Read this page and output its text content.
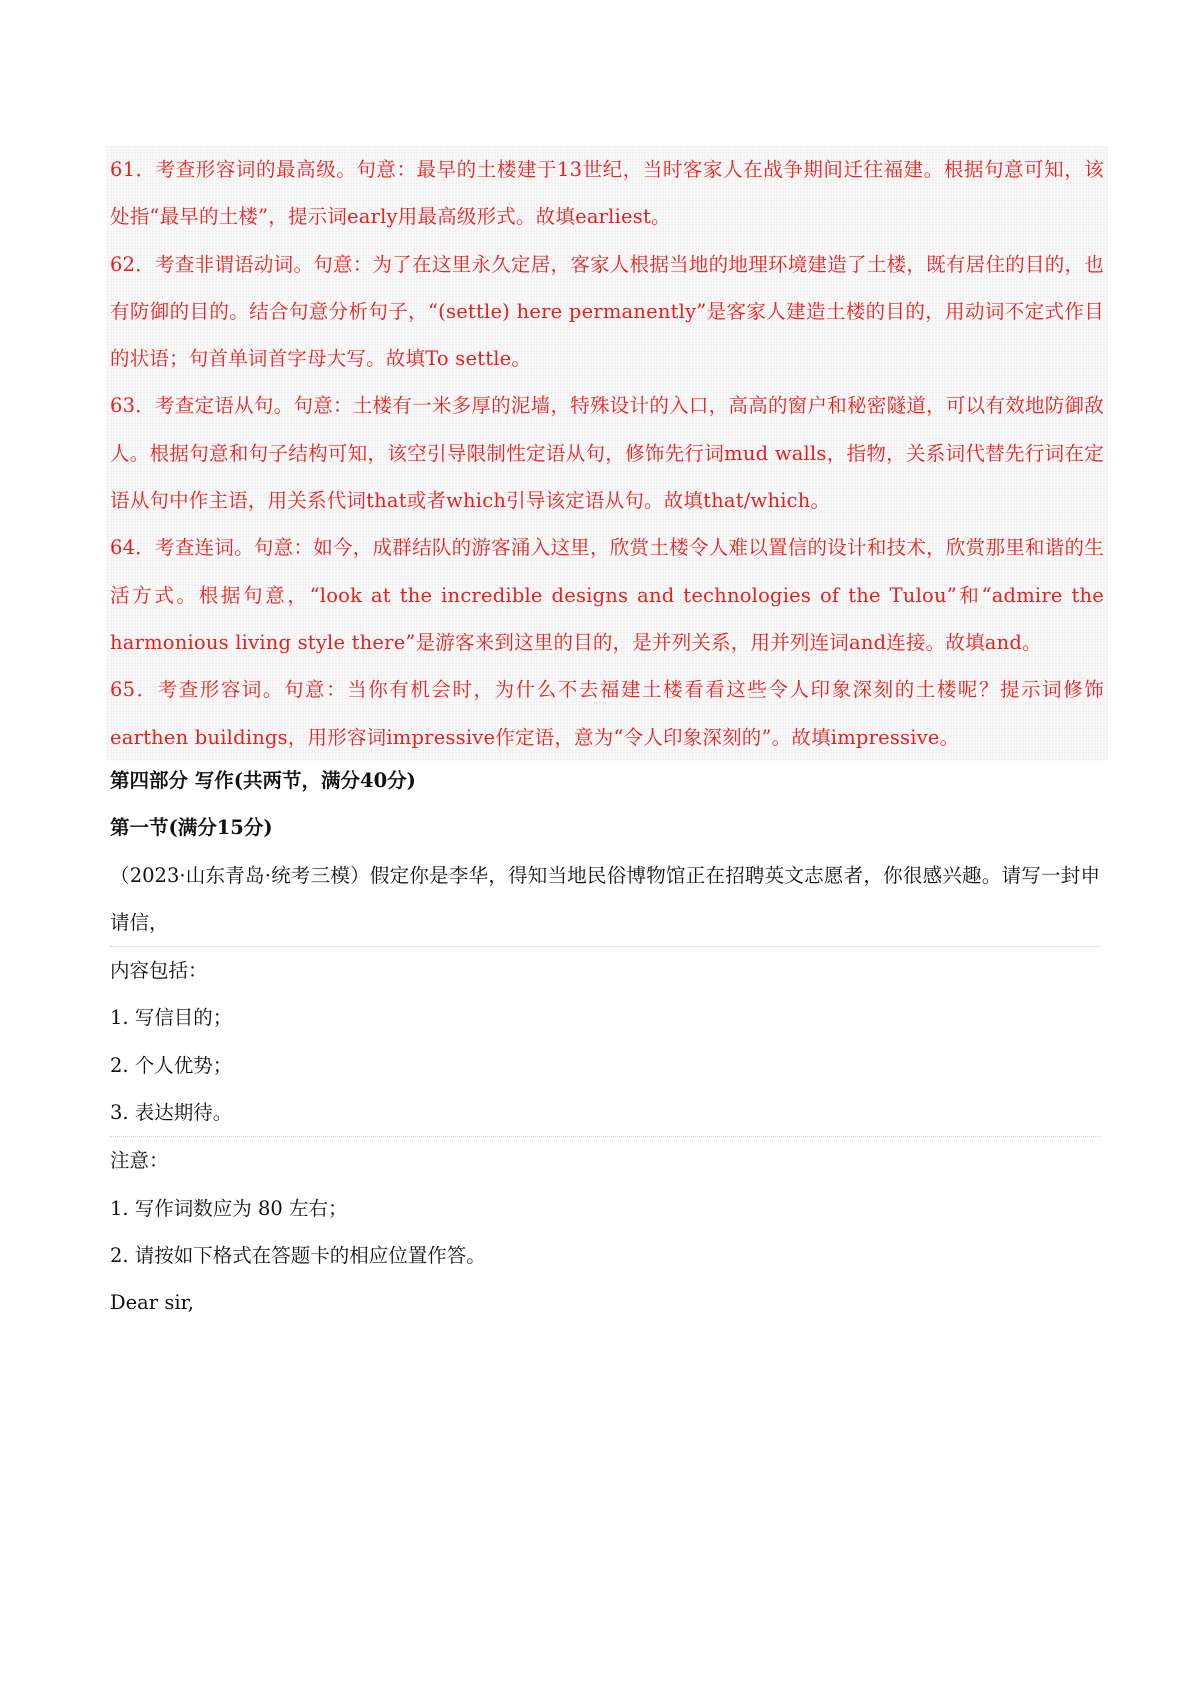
61．考查形容词的最高级。句意：最早的土楼建于13世纪，当时客家人在战争期间迁往福建。根据句意可知，该处指“最早的土楼”，提示词early用最高级形式。故填earliest。

62．考查非谓语动词。句意：为了在这里永久定居，客家人根据当地的地理环境建造了土楼，既有居住的目的，也有防御的目的。结合句意分析句子，“(settle) here permanently”是客家人建造土楼的目的，用动词不定式作目的状语；句首单词首字母大写。故填To settle。

63．考查定语从句。句意：土楼有一米多厚的泥墙，特殊设计的入口，高高的窗户和秘密隧道，可以有效地防御敌人。根据句意和句子结构可知，该空引导限制性定语从句，修饰先行词mud walls，指物，关系词代替先行词在定语从句中作主语，用关系代词that或者which引导该定语从句。故填that/which。

64．考查连词。句意：如今，成群结队的游客涌入这里，欣赏土楼令人难以置信的设计和技术，欣赏那里和谐的生活方式。根据句意，“look at the incredible designs and technologies of the Tulou”和“admire the harmonious living style there”是游客来到这里的目的，是并列关系，用并列连词and连接。故填and。

65．考查形容词。句意：当你有机会时，为什么不去福建土楼看看这些令人印象深刻的土楼呢？提示词修饰earthen buildings，用形容词impressive作定语，意为“令人印象深刻的”。故填impressive。

第四部分 写作(共两节，满分40分)

第一节(满分15分)

（2023·山东青岛·统考三模）假定你是李华，得知当地民俗博物馆正在招聘英文志愿者，你很感兴趣。请写一封申请信，

内容包括：

1. 写信目的；

2. 个人优势；

3. 表达期待。

注意：

1. 写作词数应为 80 左右；

2. 请按如下格式在答题卡的相应位置作答。

Dear sir,
